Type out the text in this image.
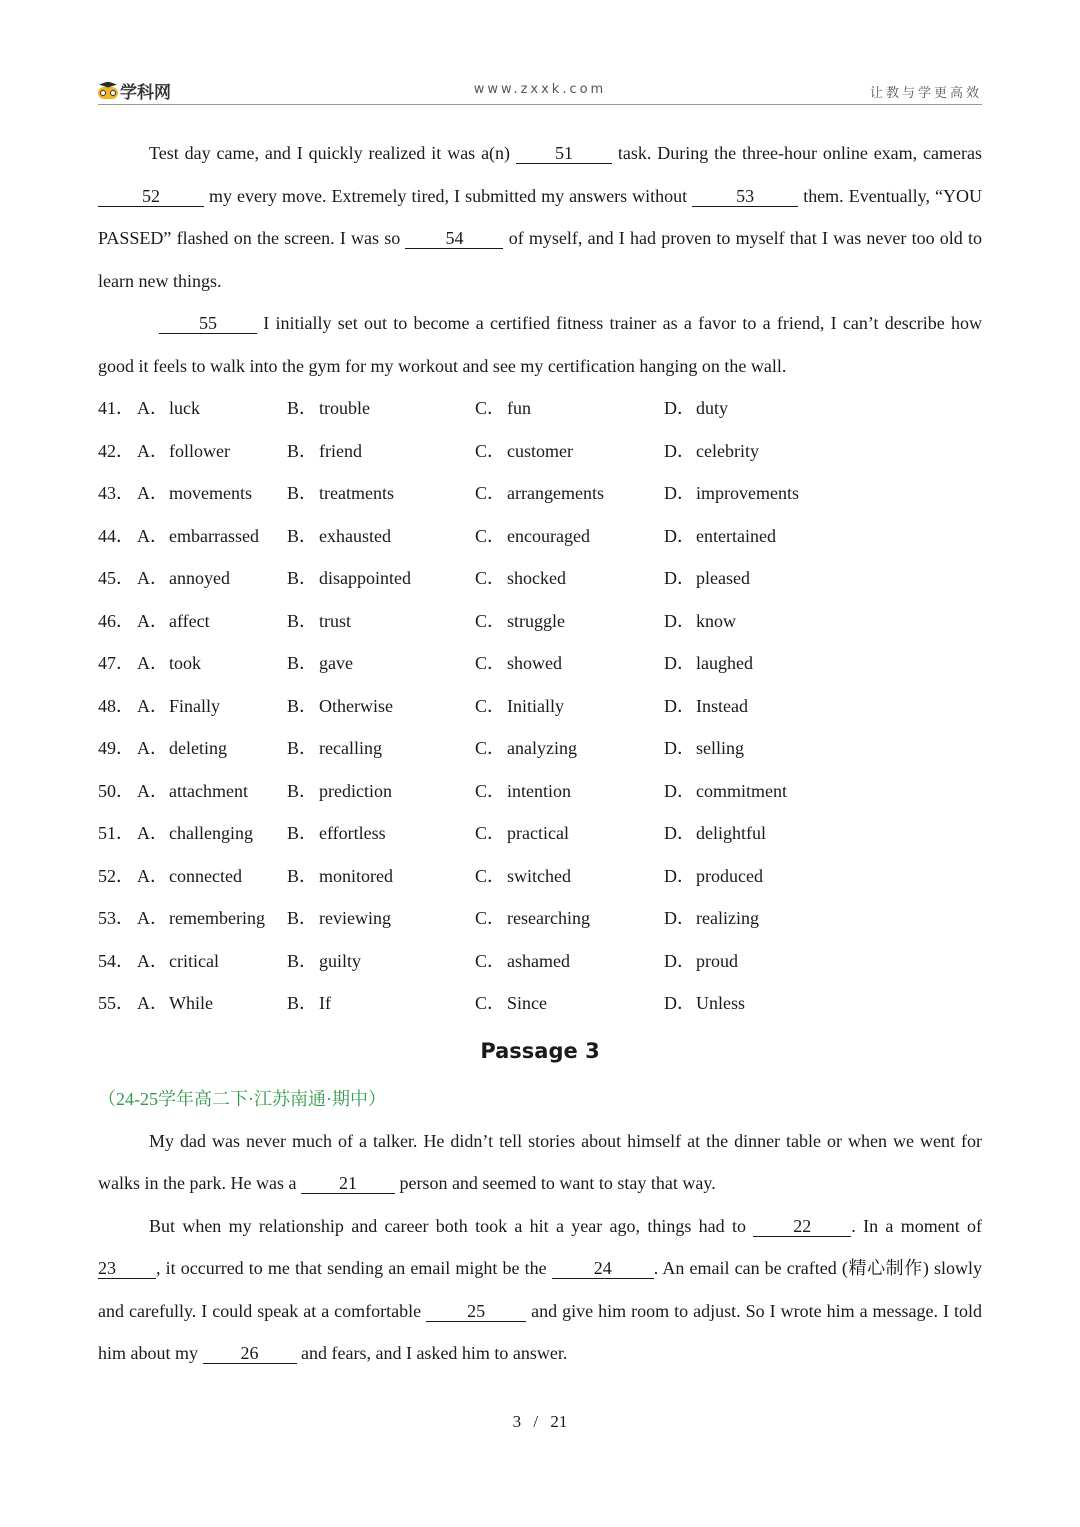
学科网	www.zxxk.com	让教与学更高效

Test day came, and I quickly realized it was a(n) 51 task. During the three-hour online exam, cameras 52	my every move. Extremely tired, I submitted my answers without	53	them. Eventually, “YOU PASSED” flashed on the screen. I was so	54	of myself, and I had proven to myself that I was never too old to learn new things.

55	I initially set out to become a certified fitness trainer as a favor to a friend, I can’t describe how good it feels to walk into the gym for my workout and see my certification hanging on the wall.

41． A． luck	B． trouble	C． fun	D． duty
42． A． follower	B． friend	C． customer	D． celebrity
43． A． movements B． treatments	C． arrangements	D． improvements
44． A． embarrassed B． exhausted	C． encouraged	D． entertained
45． A． annoyed	B． disappointed	C． shocked	D． pleased
46． A． affect	B． trust	C． struggle	D． know
47． A． took	B． gave	C． showed	D． laughed
48． A． Finally	B． Otherwise	C． Initially	D． Instead
49． A． deleting	B． recalling	C． analyzing	D． selling
50． A． attachment B． prediction	C． intention	D． commitment
51． A． challenging B． effortless	C． practical	D． delightful
52． A． connected	B． monitored	C． switched	D． produced
53． A． remembering B． reviewing	C． researching	D． realizing
54． A． critical	B． guilty	C． ashamed	D． proud
55． A． While	B． If	C． Since	D． Unless
Passage 3
（24-25学年高二下·江苏南通·期中）

My dad was never much of a talker. He didn’t tell stories about himself at the dinner table or when we went for walks in the park. He was a 21 person and seemed to want to stay that way.

But when my relationship and career both took a hit a year ago, things had to	22 . In a moment of 23 , it occurred to me that sending an email might be the	24 . An email can be crafted (精心制作) slowly and carefully. I could speak at a comfortable	25	and give him room to adjust. So I wrote him a message. I told him about my 26 and fears, and I asked him to answer.

3 / 21
